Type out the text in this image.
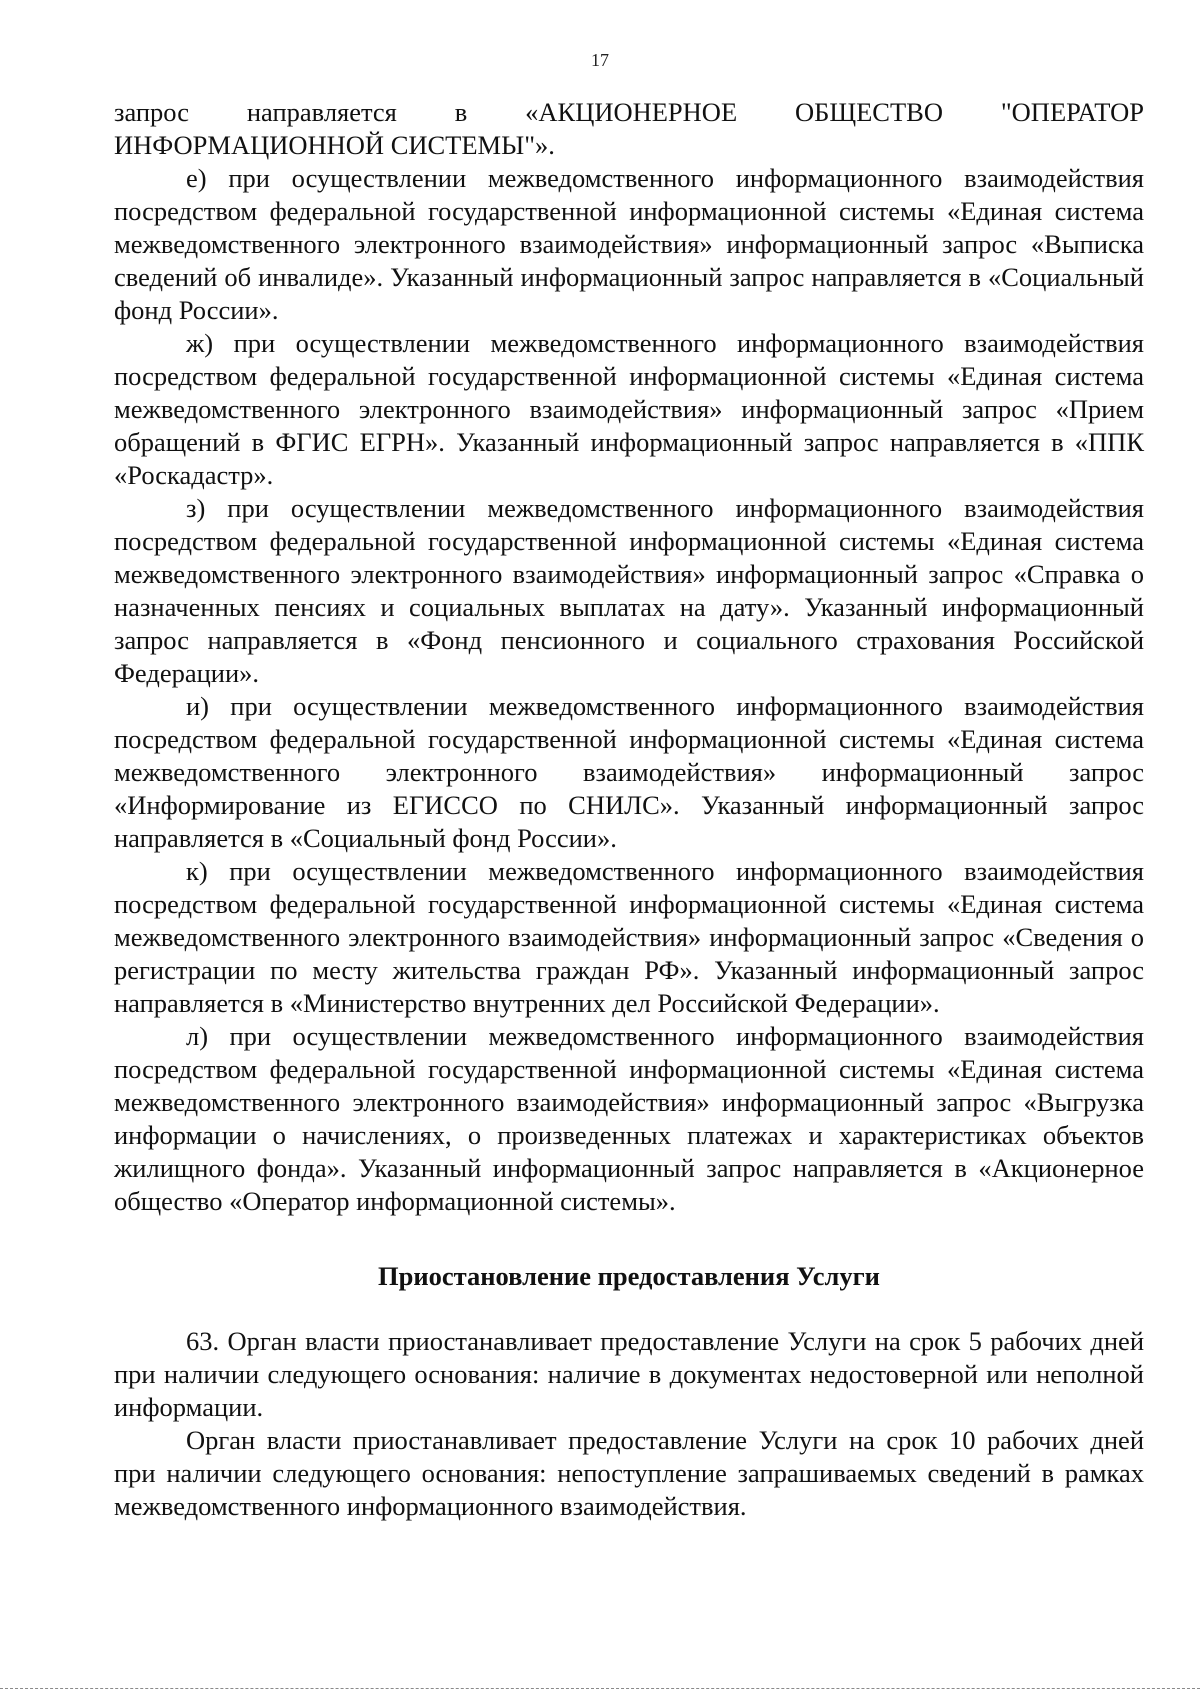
17

запрос направляется в «АКЦИОНЕРНОЕ ОБЩЕСТВО "ОПЕРАТОР ИНФОРМАЦИОННОЙ СИСТЕМЫ"».

е) при осуществлении межведомственного информационного взаимодействия посредством федеральной государственной информационной системы «Единая система межведомственного электронного взаимодействия» информационный запрос «Выписка сведений об инвалиде». Указанный информационный запрос направляется в «Социальный фонд России».

ж) при осуществлении межведомственного информационного взаимодействия посредством федеральной государственной информационной системы «Единая система межведомственного электронного взаимодействия» информационный запрос «Прием обращений в ФГИС ЕГРН». Указанный информационный запрос направляется в «ППК «Роскадастр».

з) при осуществлении межведомственного информационного взаимодействия посредством федеральной государственной информационной системы «Единая система межведомственного электронного взаимодействия» информационный запрос «Справка о назначенных пенсиях и социальных выплатах на дату». Указанный информационный запрос направляется в «Фонд пенсионного и социального страхования Российской Федерации».

и) при осуществлении межведомственного информационного взаимодействия посредством федеральной государственной информационной системы «Единая система межведомственного электронного взаимодействия» информационный запрос «Информирование из ЕГИССО по СНИЛС». Указанный информационный запрос направляется в «Социальный фонд России».

к) при осуществлении межведомственного информационного взаимодействия посредством федеральной государственной информационной системы «Единая система межведомственного электронного взаимодействия» информационный запрос «Сведения о регистрации по месту жительства граждан РФ». Указанный информационный запрос направляется в «Министерство внутренних дел Российской Федерации».

л) при осуществлении межведомственного информационного взаимодействия посредством федеральной государственной информационной системы «Единая система межведомственного электронного взаимодействия» информационный запрос «Выгрузка информации о начислениях, о произведенных платежах и характеристиках объектов жилищного фонда». Указанный информационный запрос направляется в «Акционерное общество «Оператор информационной системы».

Приостановление предоставления Услуги

63. Орган власти приостанавливает предоставление Услуги на срок 5 рабочих дней при наличии следующего основания: наличие в документах недостоверной или неполной информации.

Орган власти приостанавливает предоставление Услуги на срок 10 рабочих дней при наличии следующего основания: непоступление запрашиваемых сведений в рамках межведомственного информационного взаимодействия.
